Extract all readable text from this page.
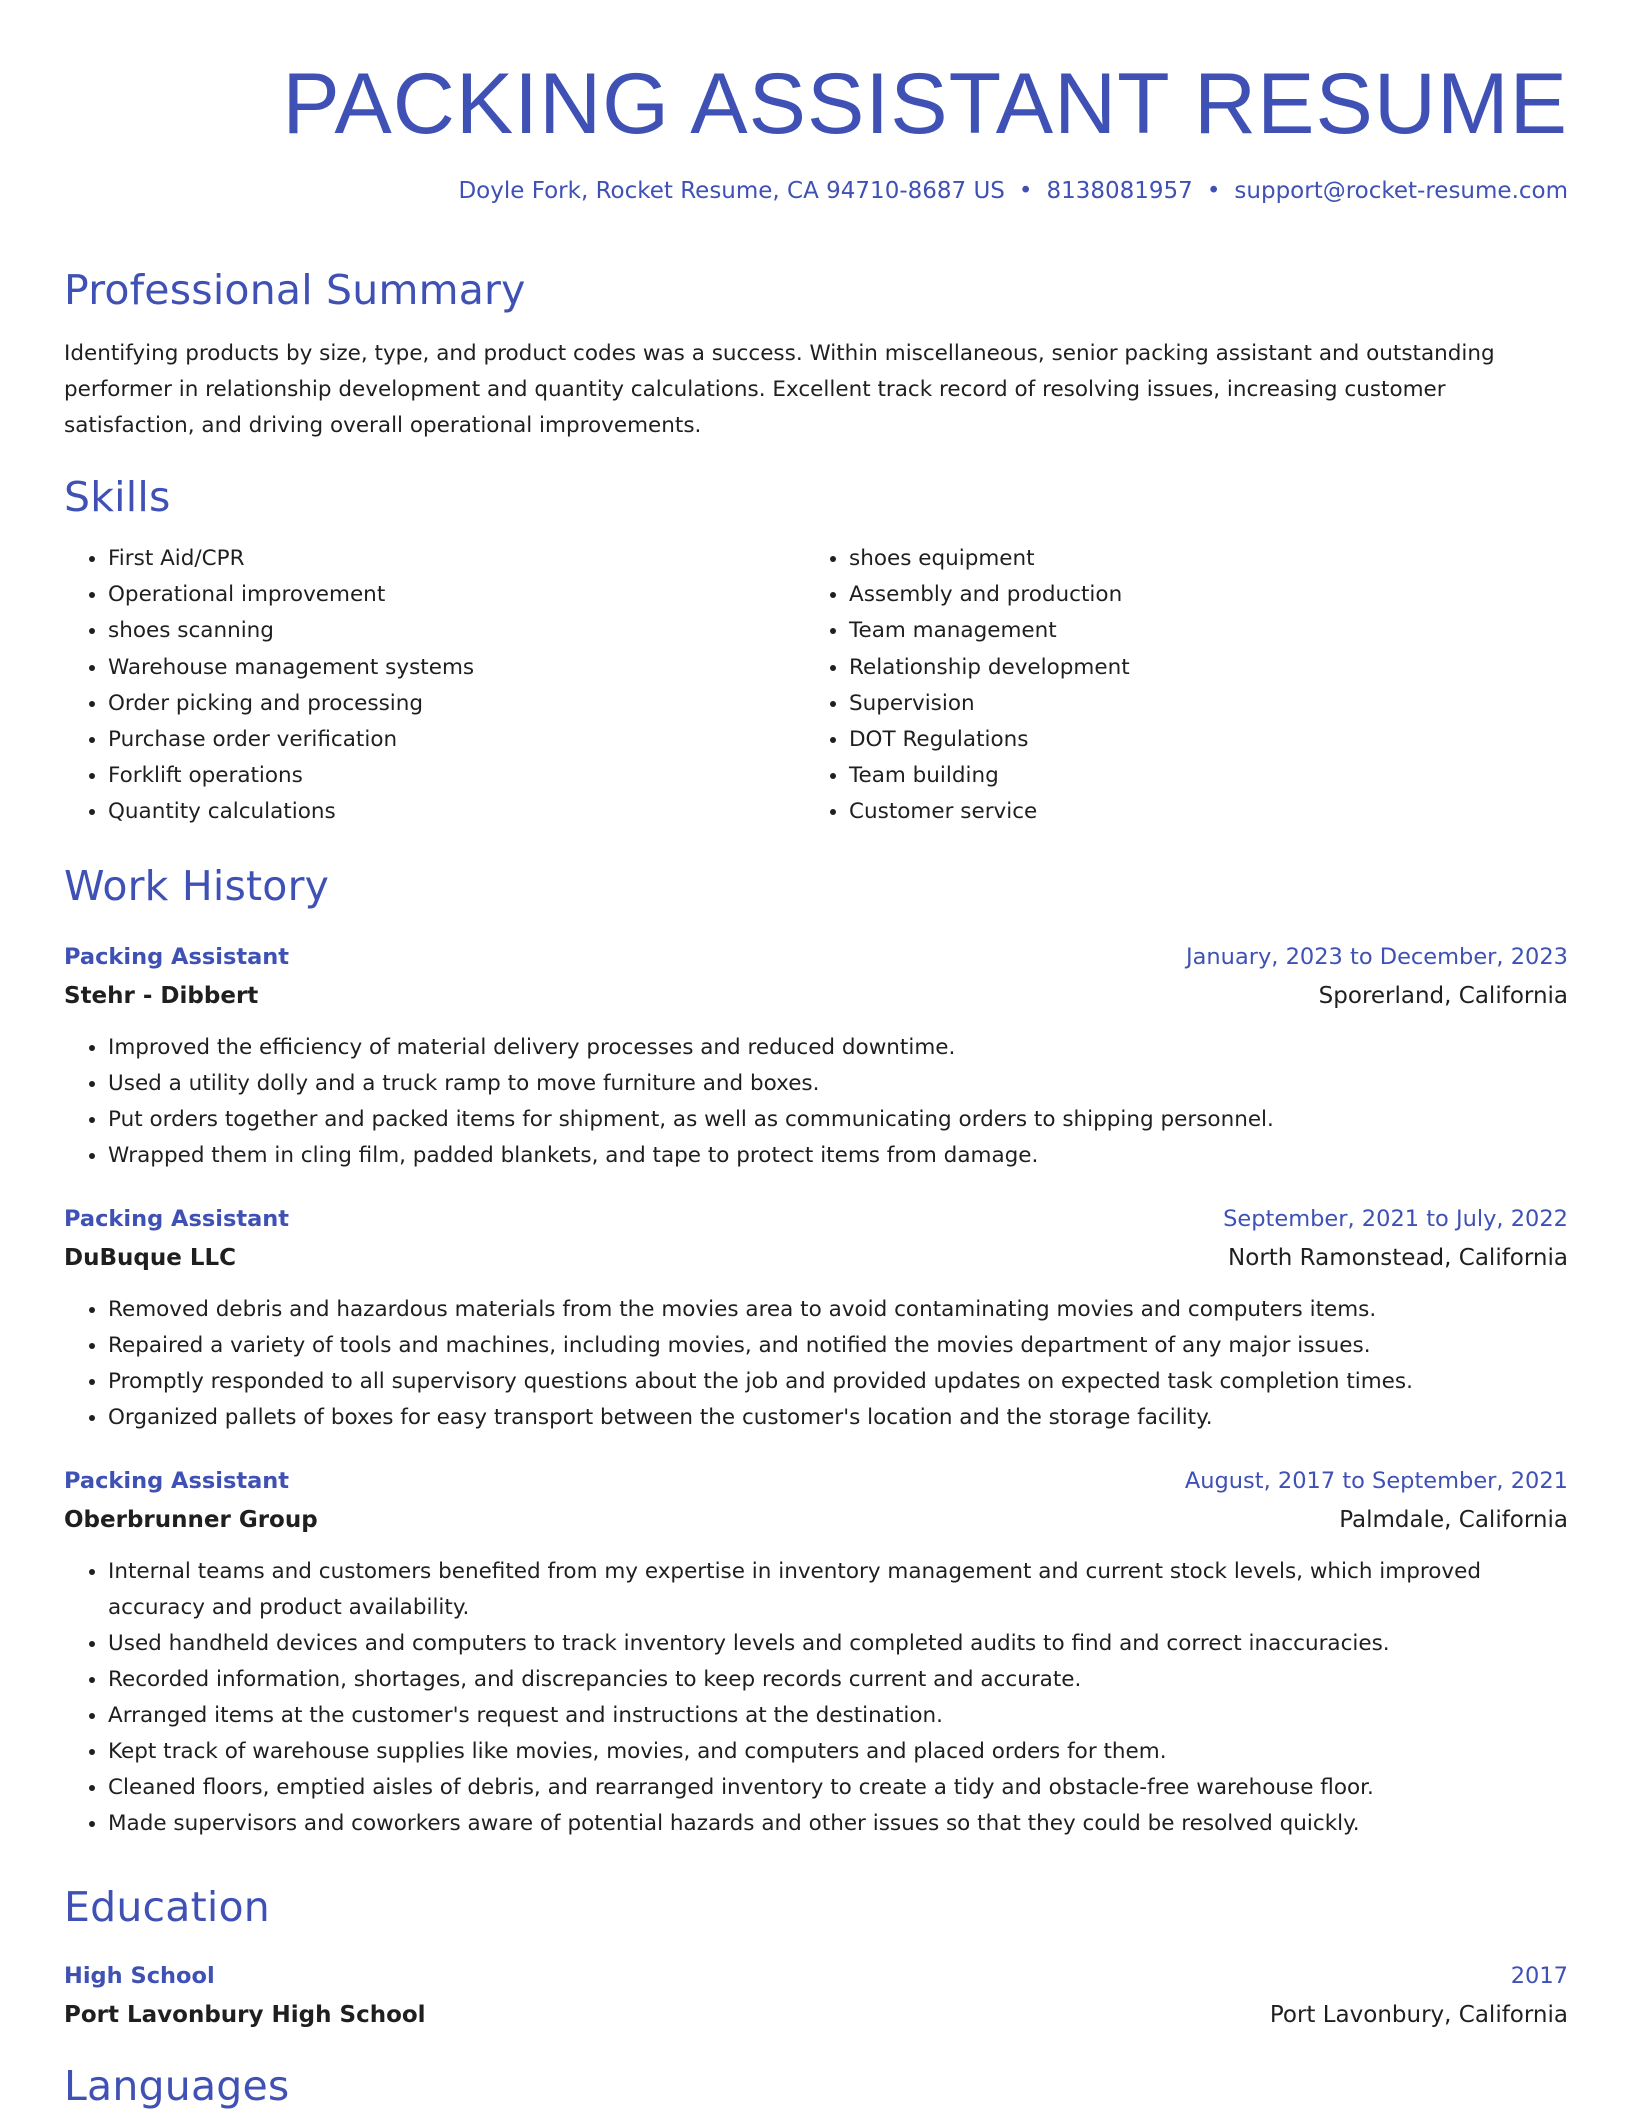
PACKING ASSISTANT RESUME
Doyle Fork, Rocket Resume, CA 94710-8687 US • 8138081957 • support@rocket-resume.com
Professional Summary

Identifying products by size, type, and product codes was a success. Within miscellaneous, senior packing assistant and outstanding performer in relationship development and quantity calculations. Excellent track record of resolving issues, increasing customer satisfaction, and driving overall operational improvements.

Skills
• First Aid/CPR
• Operational improvement
• shoes scanning
• Warehouse management systems
• Order picking and processing
• Purchase order verification
• Forklift operations
• Quantity calculations
• shoes equipment
• Assembly and production
• Team management
• Relationship development
• Supervision
• DOT Regulations
• Team building
• Customer service
Work History
Packing Assistant	January, 2023 to December, 2023
Stehr - Dibbert	Sporerland, California
• Improved the efficiency of material delivery processes and reduced downtime.
• Used a utility dolly and a truck ramp to move furniture and boxes.
• Put orders together and packed items for shipment, as well as communicating orders to shipping personnel.
• Wrapped them in cling film, padded blankets, and tape to protect items from damage.
Packing Assistant	September, 2021 to July, 2022
DuBuque LLC	North Ramonstead, California
• Removed debris and hazardous materials from the movies area to avoid contaminating movies and computers items.
• Repaired a variety of tools and machines, including movies, and notified the movies department of any major issues.
• Promptly responded to all supervisory questions about the job and provided updates on expected task completion times.
• Organized pallets of boxes for easy transport between the customer's location and the storage facility.
Packing Assistant	August, 2017 to September, 2021
Oberbrunner Group	Palmdale, California
• Internal teams and customers benefited from my expertise in inventory management and current stock levels, which improved accuracy and product availability.
• Used handheld devices and computers to track inventory levels and completed audits to find and correct inaccuracies.
• Recorded information, shortages, and discrepancies to keep records current and accurate.
• Arranged items at the customer's request and instructions at the destination.
• Kept track of warehouse supplies like movies, movies, and computers and placed orders for them.
• Cleaned floors, emptied aisles of debris, and rearranged inventory to create a tidy and obstacle-free warehouse floor.
• Made supervisors and coworkers aware of potential hazards and other issues so that they could be resolved quickly.
Education
High School	2017
Port Lavonbury High School	Port Lavonbury, California
Languages
